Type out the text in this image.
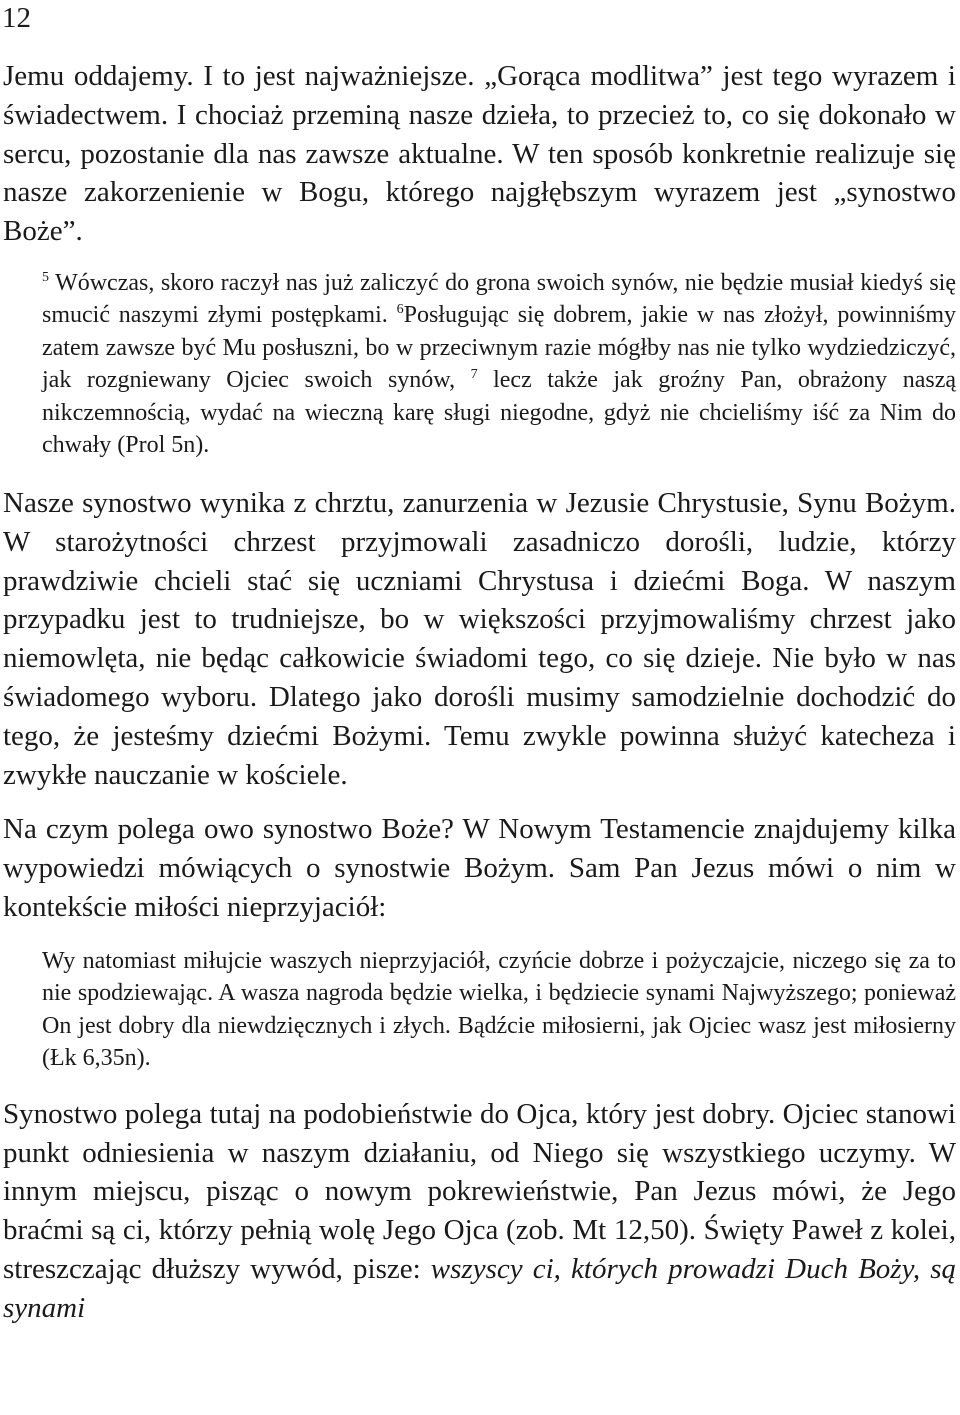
12

Jemu oddajemy. I to jest najważniejsze. „Gorąca modlitwa” jest tego wyrazem i świadectwem. I chociaż przeminą nasze dzieła, to przecież to, co się dokonało w sercu, pozostanie dla nas zawsze aktualne. W ten sposób konkretnie realizuje się nasze zakorzenienie w Bogu, którego najgłębszym wyrazem jest „synostwo Boże”.

$^5$ Wówczas, skoro raczył nas już zaliczyć do grona swoich synów, nie będzie musiał kiedyś się smucić naszymi złymi postępkami. $^6$Posługując się dobrem, jakie w nas złożył, powinniśmy zatem zawsze być Mu posłuszni, bo w przeciwnym razie mógłby nas nie tylko wydziedziczyć, jak rozgniewany Ojciec swoich synów, $^7$ lecz także jak groźny Pan, obrażony naszą nikczemnością, wydać na wieczną karę sługi niegodne, gdyż nie chcieliśmy iść za Nim do chwały (Prol 5n).

Nasze synostwo wynika z chrztu, zanurzenia w Jezusie Chrystusie, Synu Bożym. W starożytności chrzest przyjmowali zasadniczo dorośli, ludzie, którzy prawdziwie chcieli stać się uczniami Chrystusa i dziećmi Boga. W naszym przypadku jest to trudniejsze, bo w większości przyjmowaliśmy chrzest jako niemowlęta, nie będąc całkowicie świadomi tego, co się dzieje. Nie było w nas świadomego wyboru. Dlatego jako dorośli musimy samodzielnie dochodzić do tego, że jesteśmy dziećmi Bożymi. Temu zwykle powinna służyć katecheza i zwykłe nauczanie w kościele.

Na czym polega owo synostwo Boże? W Nowym Testamencie znajdujemy kilka wypowiedzi mówiących o synostwie Bożym. Sam Pan Jezus mówi o nim w kontekście miłości nieprzyjaciół:

Wy natomiast miłujcie waszych nieprzyjaciół, czyńcie dobrze i pożyczajcie, niczego się za to nie spodziewając. A wasza nagroda będzie wielka, i będziecie synami Najwyższego; ponieważ On jest dobry dla niewdzięcznych i złych. Bądźcie miłosierni, jak Ojciec wasz jest miłosierny (Łk 6,35n).

Synostwo polega tutaj na podobieństwie do Ojca, który jest dobry. Ojciec stanowi punkt odniesienia w naszym działaniu, od Niego się wszystkiego uczymy. W innym miejscu, pisząc o nowym pokrewieństwie, Pan Jezus mówi, że Jego braćmi są ci, którzy pełnią wolę Jego Ojca (zob. Mt 12,50). Święty Paweł z kolei, streszczając dłuższy wywód, pisze: wszyscy ci, których prowadzi Duch Boży, są synami
